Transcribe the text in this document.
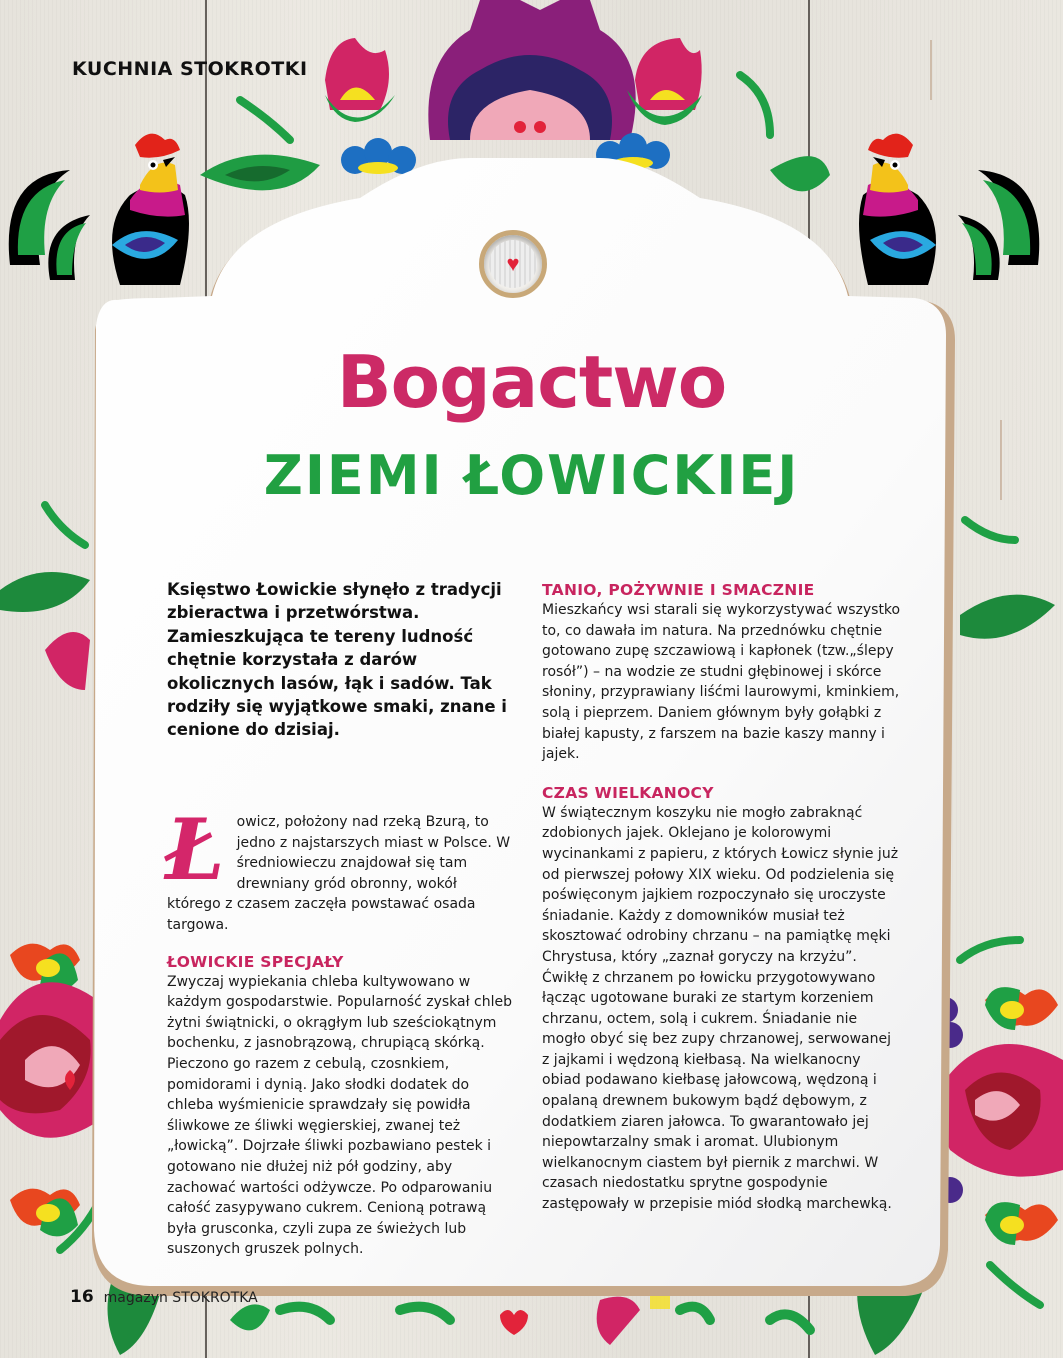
♥
KUCHNIA STOKROTKI
Bogactwo
ZIEMI ŁOWICKIEJ

Księstwo Łowickie słynęło z tradycji zbieractwa i przetwórstwa. Zamieszkująca te tereny ludność chętnie korzystała z darów okolicznych lasów, łąk i sadów. Tak rodziły się wyjątkowe smaki, znane i cenione do dzisiaj.

Ł owicz, położony nad rzeką Bzurą, to jedno z najstarszych miast w Polsce. W średniowieczu znajdował się tam drewniany gród obronny, wokół którego z czasem zaczęła powstawać osada targowa.
ŁOWICKIE SPECJAŁY

Zwyczaj wypiekania chleba kultywowano w każdym gospodarstwie. Popularność zyskał chleb żytni świątnicki, o okrągłym lub sześciokątnym bochenku, z jasnobrązową, chrupiącą skórką. Pieczono go razem z cebulą, czosnkiem, pomidorami i dynią. Jako słodki dodatek do chleba wyśmienicie sprawdzały się powidła śliwkowe ze śliwki węgierskiej, zwanej też „łowicką”. Dojrzałe śliwki pozbawiano pestek i gotowano nie dłużej niż pół godziny, aby zachować wartości odżywcze. Po odparowaniu całość zasypywano cukrem. Cenioną potrawą była grusconka, czyli zupa ze świeżych lub suszonych gruszek polnych.

TANIO, POŻYWNIE I SMACZNIE

Mieszkańcy wsi starali się wykorzystywać wszystko to, co dawała im natura. Na przednówku chętnie gotowano zupę szczawiową i kapłonek (tzw.„ślepy rosół”) – na wodzie ze studni głębinowej i skórce słoniny, przyprawiany liśćmi laurowymi, kminkiem, solą i pieprzem. Daniem głównym były gołąbki z białej kapusty, z farszem na bazie kaszy manny i jajek.

CZAS WIELKANOCY

W świątecznym koszyku nie mogło zabraknąć zdobionych jajek. Oklejano je kolorowymi wycinankami z papieru, z których Łowicz słynie już od pierwszej połowy XIX wieku. Od podzielenia się poświęconym jajkiem rozpoczynało się uroczyste śniadanie. Każdy z domowników musiał też skosztować odrobiny chrzanu – na pamiątkę męki Chrystusa, który „zaznał goryczy na krzyżu”. Ćwikłę z chrzanem po łowicku przygotowywano łącząc ugotowane buraki ze startym korzeniem chrzanu, octem, solą i cukrem. Śniadanie nie mogło obyć się bez zupy chrzanowej, serwowanej z jajkami i wędzoną kiełbasą. Na wielkanocny obiad podawano kiełbasę jałowcową, wędzoną i opalaną drewnem bukowym bądź dębowym, z dodatkiem ziaren jałowca. To gwarantowało jej niepowtarzalny smak i aromat. Ulubionym wielkanocnym ciastem był piernik z marchwi. W czasach niedostatku sprytne gospodynie zastępowały w przepisie miód słodką marchewką.

16 magazyn STOKROTKA
